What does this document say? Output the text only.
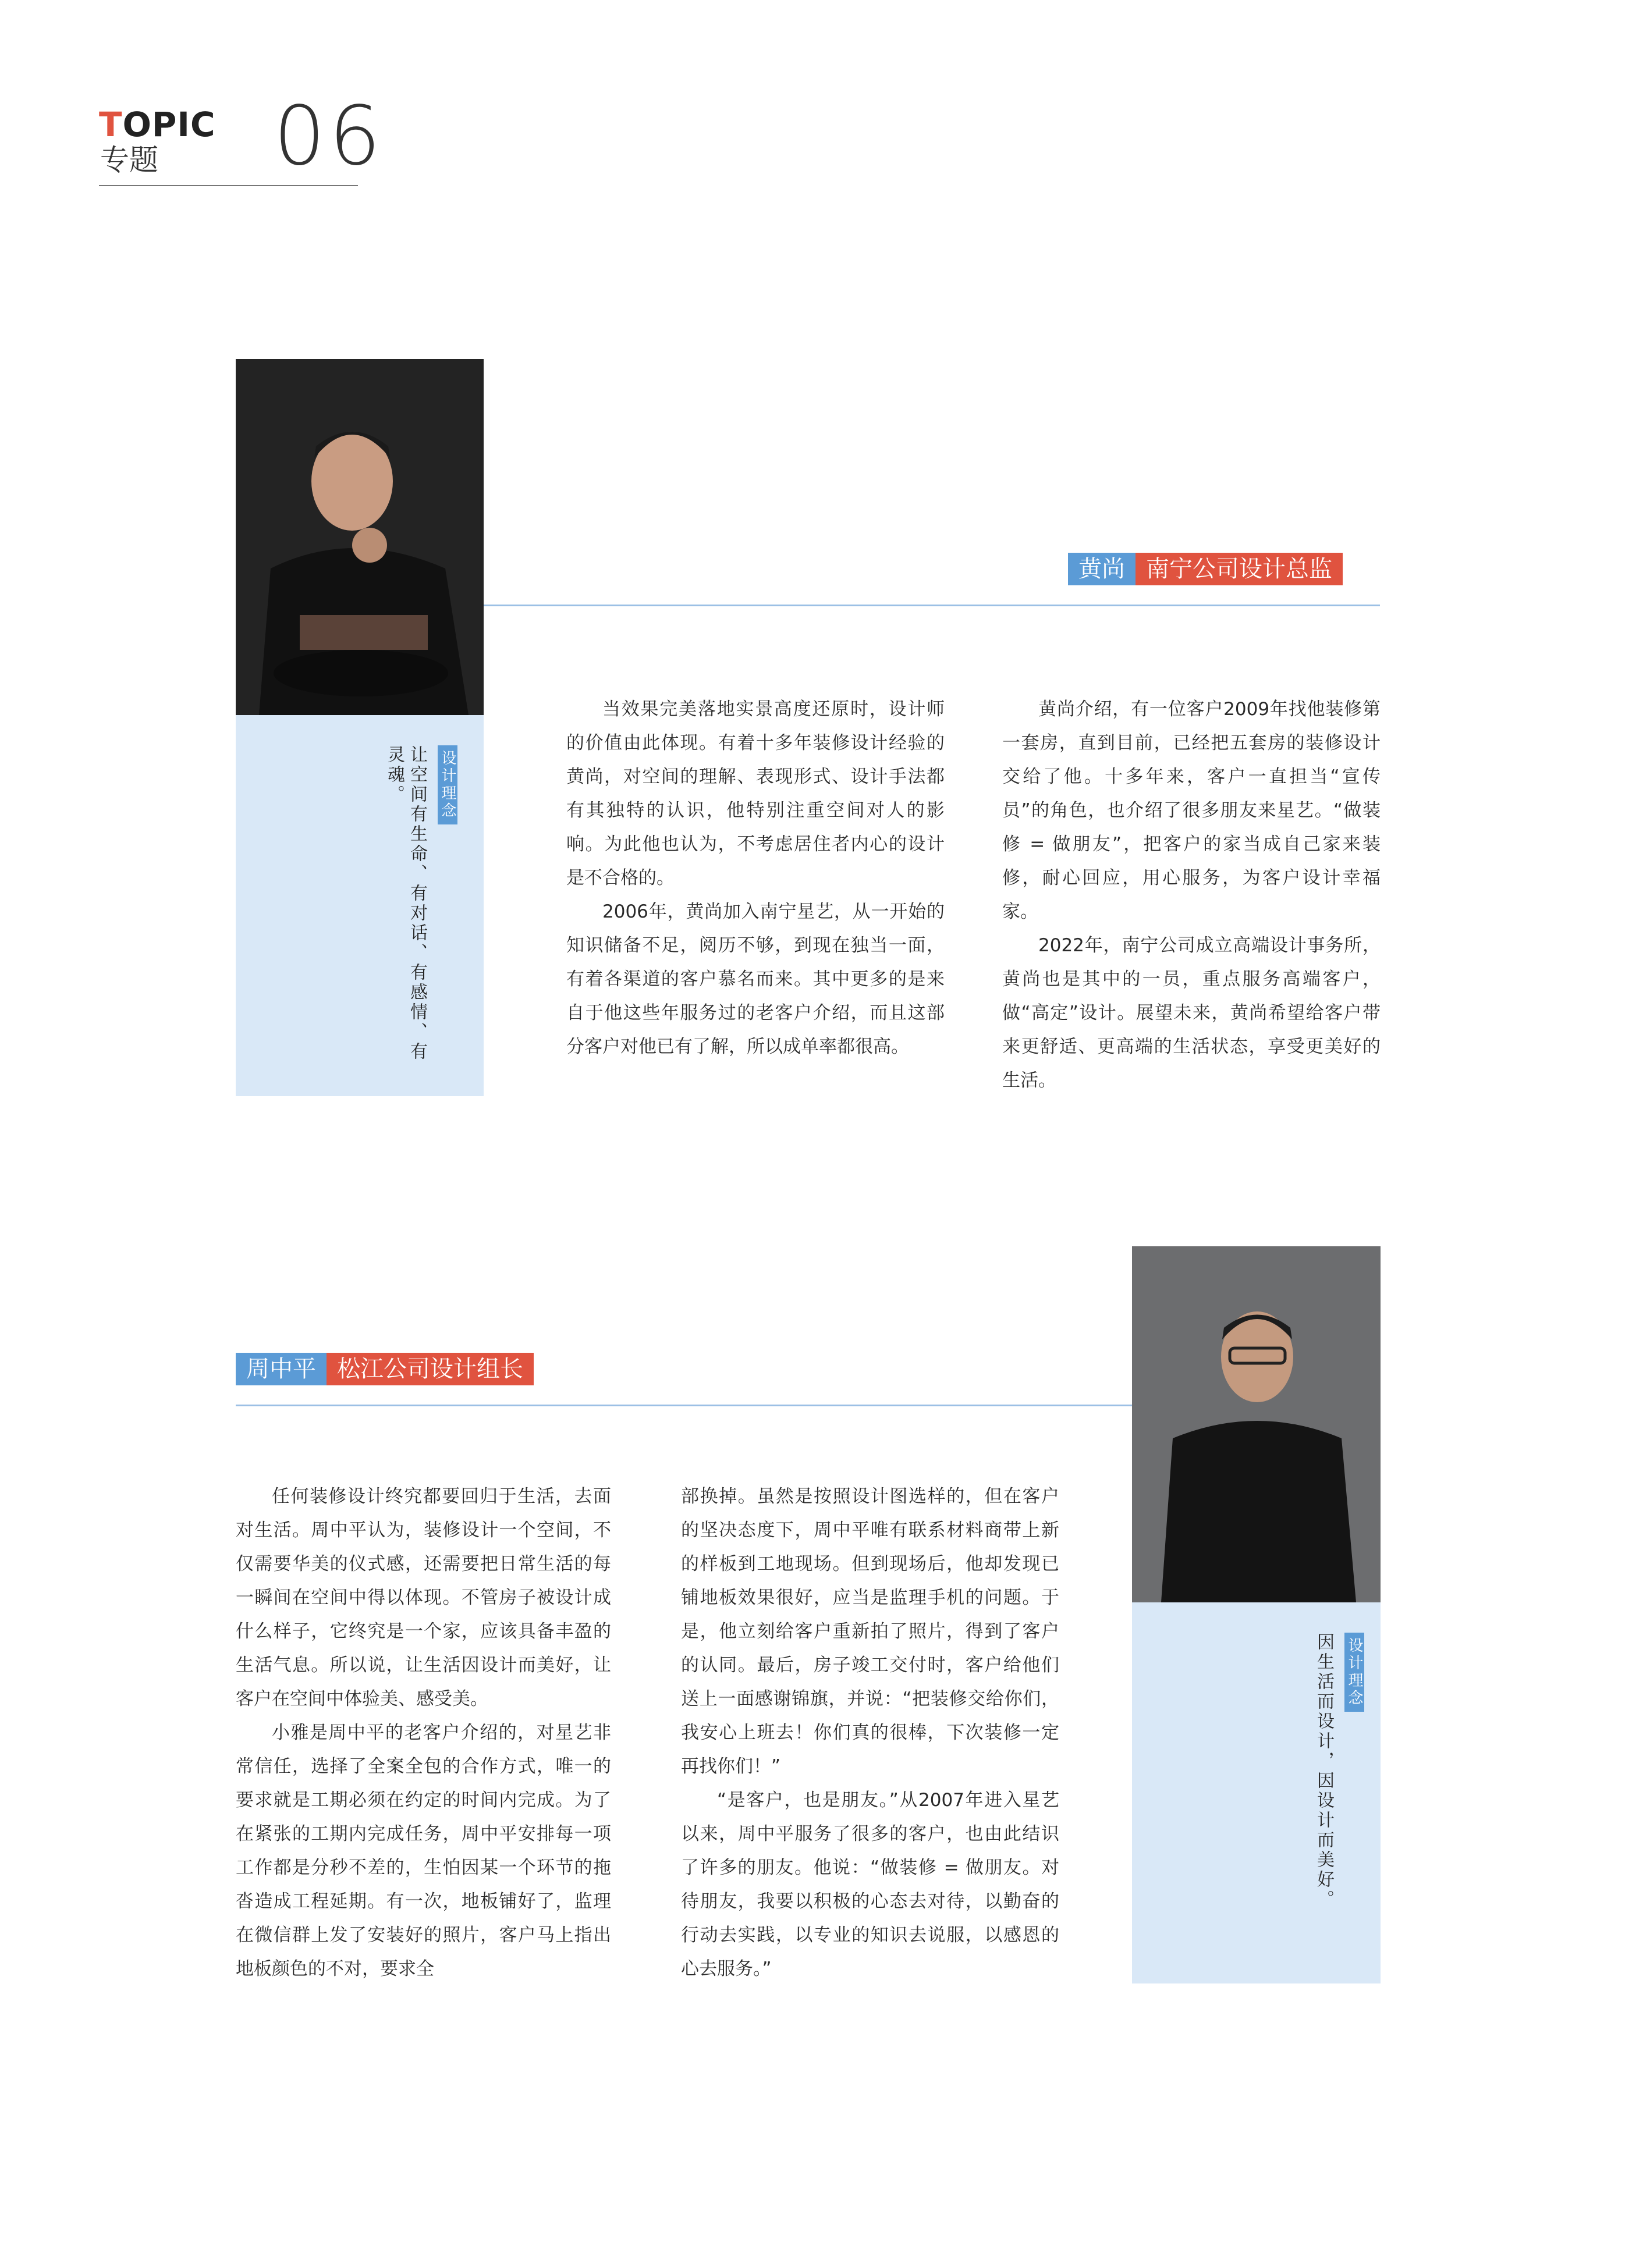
TOPIC
专题 06
设计理念
让空间有生命、有对话、有感情、有灵魂。
黄尚 南宁公司设计总监

当效果完美落地实景高度还原时，设计师的价值由此体现。有着十多年装修设计经验的黄尚，对空间的理解、表现形式、设计手法都有其独特的认识，他特别注重空间对人的影响。为此他也认为，不考虑居住者内心的设计是不合格的。

2006年，黄尚加入南宁星艺，从一开始的知识储备不足，阅历不够，到现在独当一面，有着各渠道的客户慕名而来。其中更多的是来自于他这些年服务过的老客户介绍，而且这部分客户对他已有了解，所以成单率都很高。

黄尚介绍，有一位客户2009年找他装修第一套房，直到目前，已经把五套房的装修设计交给了他。十多年来，客户一直担当“宣传员”的角色，也介绍了很多朋友来星艺。“做装修 = 做朋友”，把客户的家当成自己家来装修，耐心回应，用心服务，为客户设计幸福家。

2022年，南宁公司成立高端设计事务所，黄尚也是其中的一员，重点服务高端客户，做“高定”设计。展望未来，黄尚希望给客户带来更舒适、更高端的生活状态，享受更美好的生活。

周中平 松江公司设计组长
设计理念
因生活而设计，因设计而美好。

任何装修设计终究都要回归于生活，去面对生活。周中平认为，装修设计一个空间，不仅需要华美的仪式感，还需要把日常生活的每一瞬间在空间中得以体现。不管房子被设计成什么样子，它终究是一个家，应该具备丰盈的生活气息。所以说，让生活因设计而美好，让客户在空间中体验美、感受美。

小雅是周中平的老客户介绍的，对星艺非常信任，选择了全案全包的合作方式，唯一的要求就是工期必须在约定的时间内完成。为了在紧张的工期内完成任务，周中平安排每一项工作都是分秒不差的，生怕因某一个环节的拖沓造成工程延期。有一次，地板铺好了，监理在微信群上发了安装好的照片，客户马上指出地板颜色的不对，要求全

部换掉。虽然是按照设计图选样的，但在客户的坚决态度下，周中平唯有联系材料商带上新的样板到工地现场。但到现场后，他却发现已铺地板效果很好，应当是监理手机的问题。于是，他立刻给客户重新拍了照片，得到了客户的认同。最后，房子竣工交付时，客户给他们送上一面感谢锦旗，并说：“把装修交给你们，我安心上班去！你们真的很棒，下次装修一定再找你们！”

“是客户，也是朋友。”从2007年进入星艺以来，周中平服务了很多的客户，也由此结识了许多的朋友。他说：“做装修 = 做朋友。对待朋友，我要以积极的心态去对待，以勤奋的行动去实践，以专业的知识去说服，以感恩的心去服务。”
